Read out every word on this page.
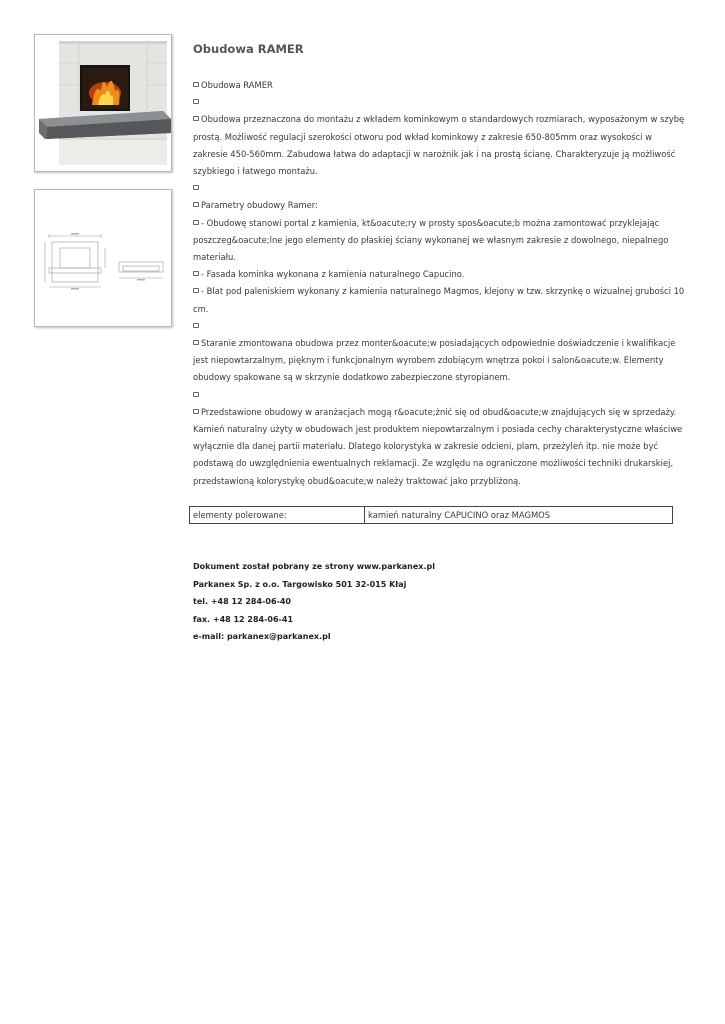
Obudowa RAMER

Obudowa RAMER

Obudowa przeznaczona do montażu z wkładem kominkowym o standardowych rozmiarach, wyposażonym w szybę prostą. Możliwość regulacji szerokości otworu pod wkład kominkowy z zakresie 650-805mm oraz wysokości w zakresie 450-560mm. Zabudowa łatwa do adaptacji w narożnik jak i na prostą ścianę. Charakteryzuje ją możliwość szybkiego i łatwego montażu.

Parametry obudowy Ramer:

- Obudowę stanowi portal z kamienia, kt&oacute;ry w prosty spos&oacute;b można zamontować przyklejając poszczeg&oacute;lne jego elementy do płaskiej ściany wykonanej we własnym zakresie z dowolnego, niepalnego materiału.

- Fasada kominka wykonana z kamienia naturalnego Capucino.

- Blat pod paleniskiem wykonany z kamienia naturalnego Magmos, klejony w tzw. skrzynkę o wizualnej grubości 10 cm.

Staranie zmontowana obudowa przez monter&oacute;w posiadających odpowiednie doświadczenie i kwalifikacje jest niepowtarzalnym, pięknym i funkcjonalnym wyrobem zdobiącym wnętrza pokoi i salon&oacute;w. Elementy obudowy spakowane są w skrzynie dodatkowo zabezpieczone styropianem.

Przedstawione obudowy w aranżacjach mogą r&oacute;żnić się od obud&oacute;w znajdujących się w sprzedaży. Kamień naturalny użyty w obudowach jest produktem niepowtarzalnym i posiada cechy charakterystyczne właściwe wyłącznie dla danej partii materiału. Dlatego kolorystyka w zakresie odcieni, plam, przeżyleń itp. nie może być podstawą do uwzględnienia ewentualnych reklamacji. Ze względu na ograniczone możliwości techniki drukarskiej, przedstawioną kolorystykę obud&oacute;w należy traktować jako przybliżoną.

elementy polerowane:	kamień naturalny CAPUCINO oraz MAGMOS

Dokument został pobrany ze strony www.parkanex.pl

Parkanex Sp. z o.o. Targowisko 501 32-015 Kłaj

tel. +48 12 284-06-40

fax. +48 12 284-06-41

e-mail: parkanex@parkanex.pl
